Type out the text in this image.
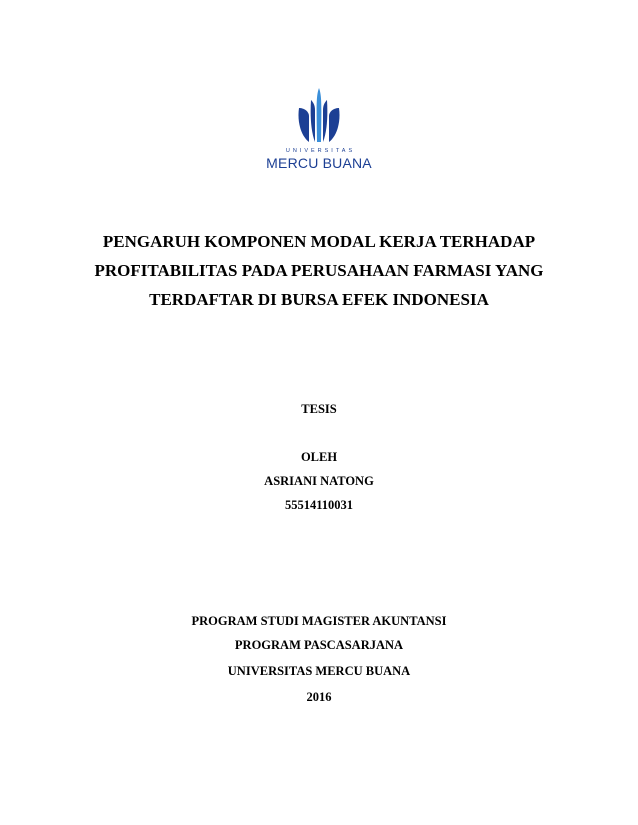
UNIVERSITAS
MERCU BUANA
PENGARUH KOMPONEN MODAL KERJA TERHADAP
PROFITABILITAS PADA PERUSAHAAN FARMASI YANG
TERDAFTAR DI BURSA EFEK INDONESIA
TESIS
OLEH
ASRIANI NATONG
55514110031
PROGRAM STUDI MAGISTER AKUNTANSI
PROGRAM PASCASARJANA
UNIVERSITAS MERCU BUANA
2016
